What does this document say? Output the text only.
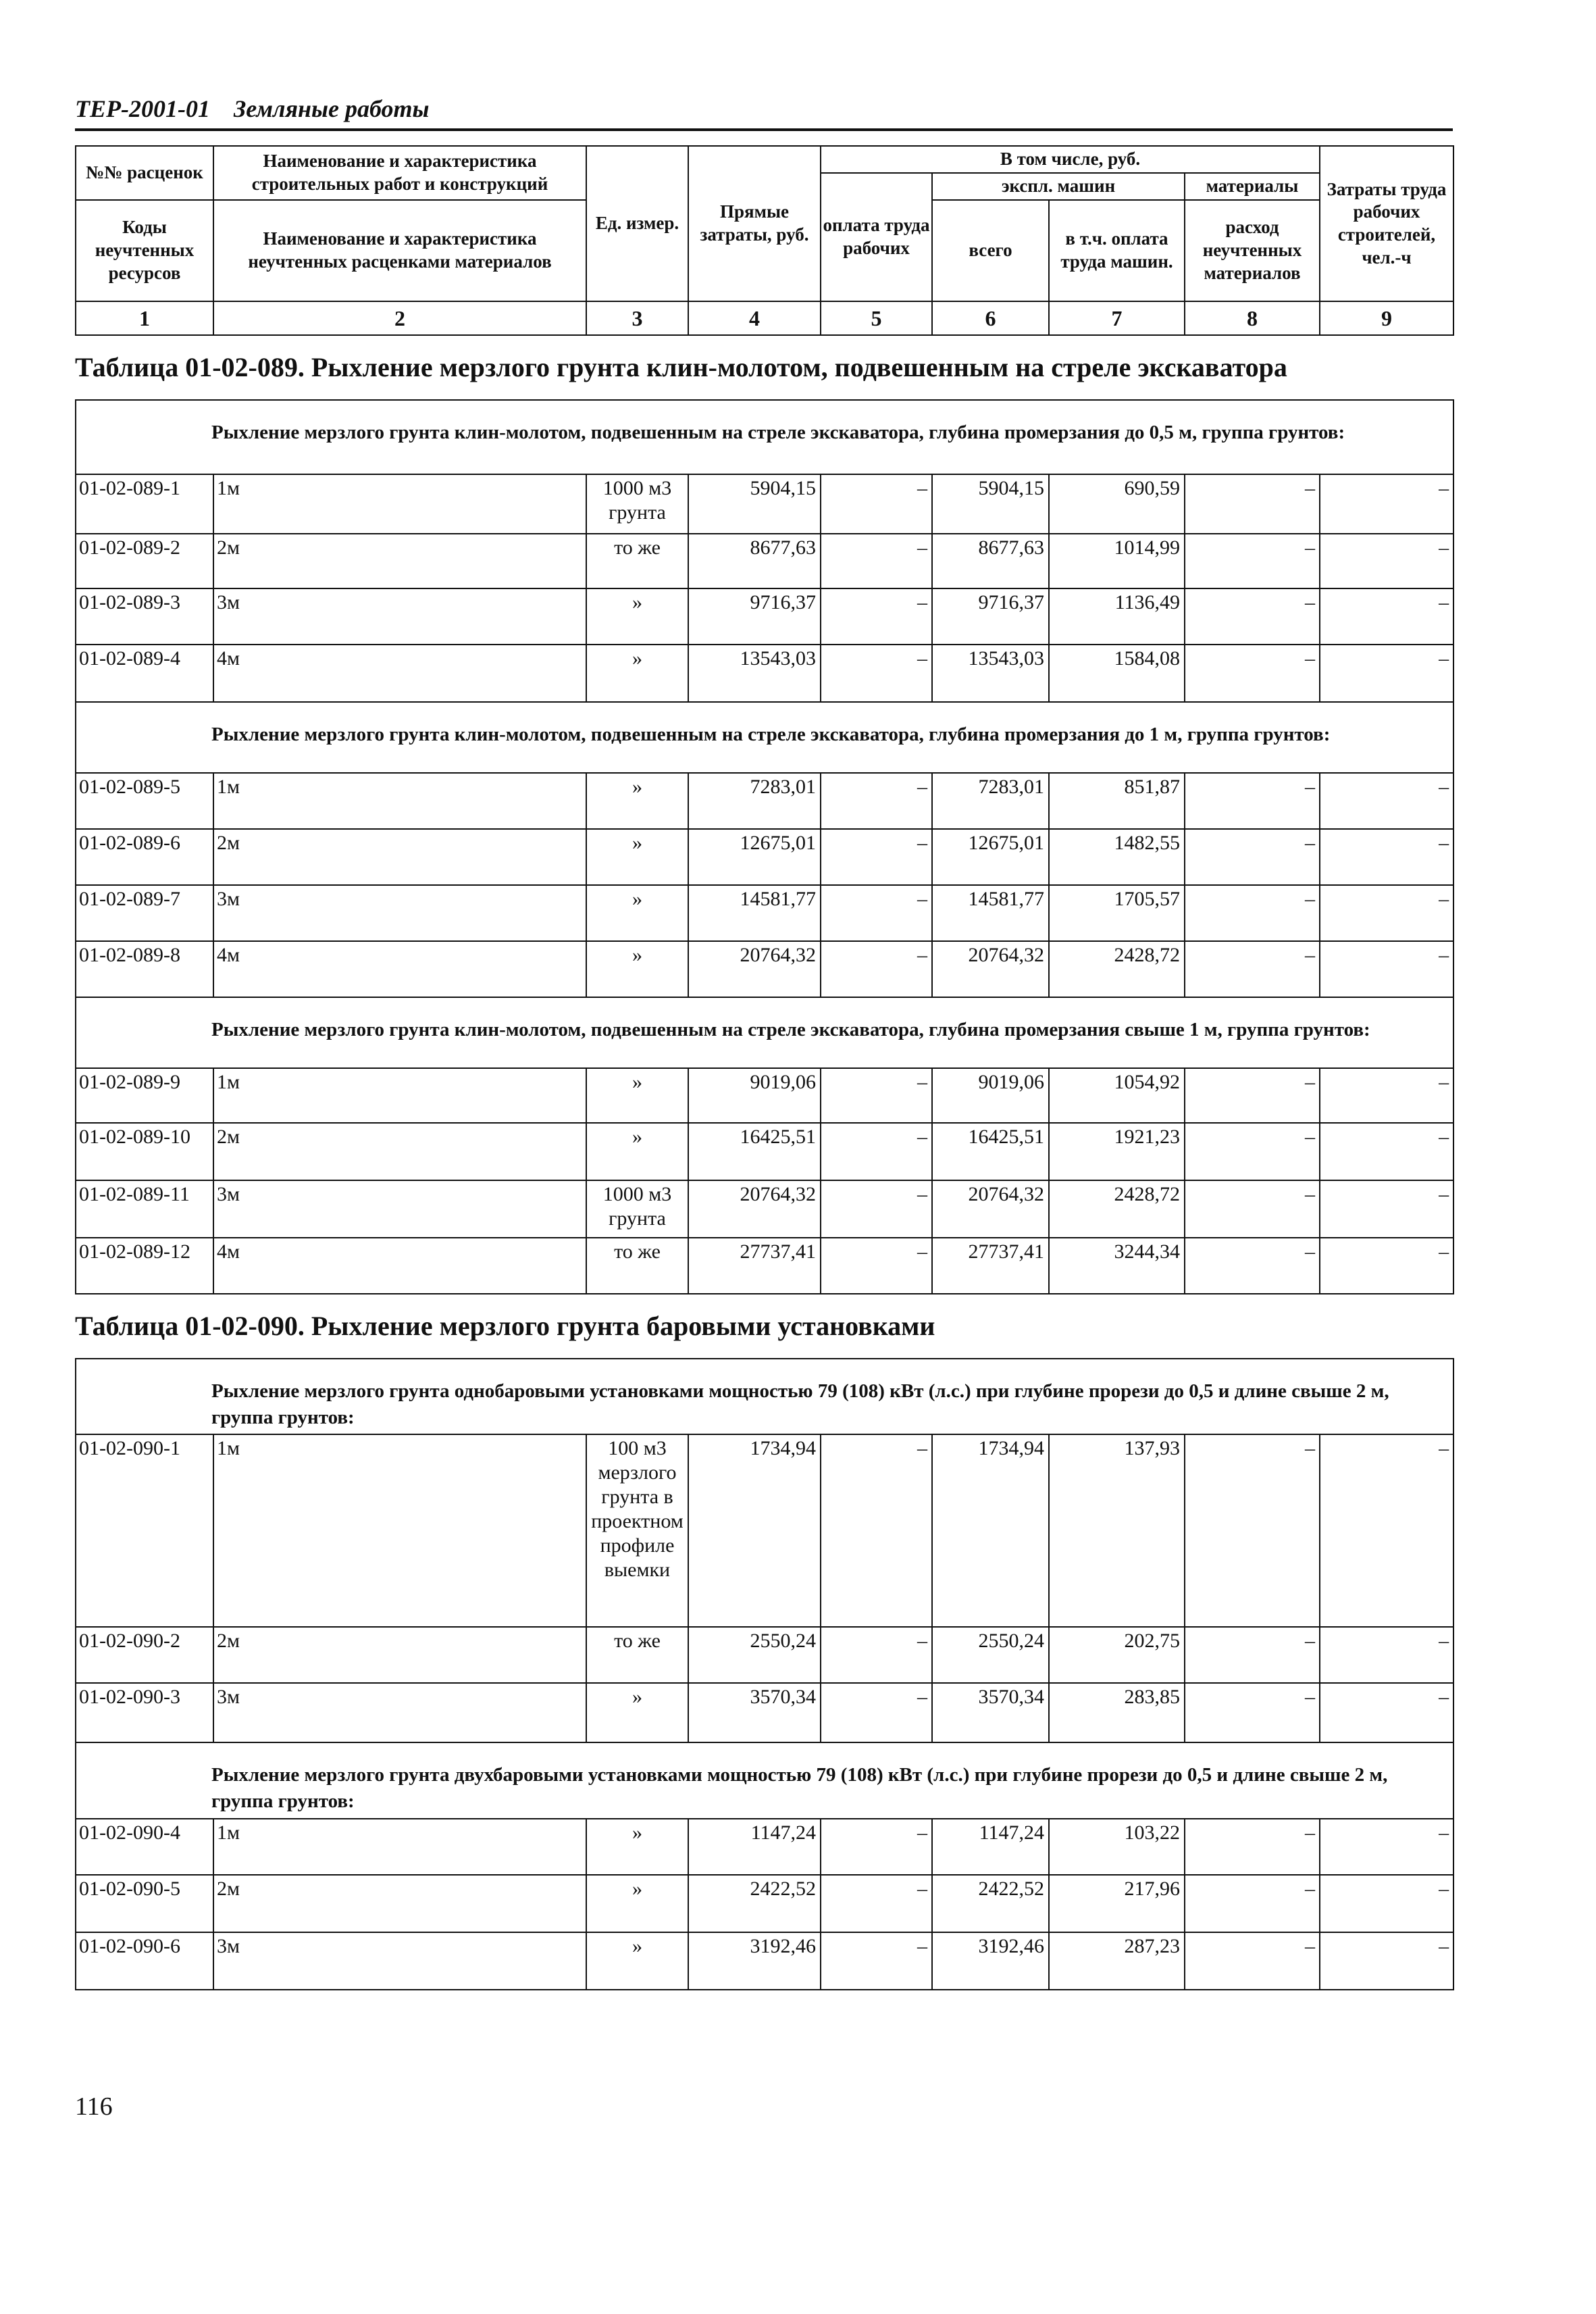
ТЕР-2001-01 Земляные работы
№№ расценок	Наименование и характеристика строительных работ и конструкций	Ед. измер.	Прямые затраты, руб.	В том числе, руб.				Затраты труда рабочих строителей, чел.-ч
				оплата труда рабочих	экспл. машин		материалы	
Коды неучтенных ресурсов	Наименование и характеристика неучтенных расценками материалов				всего	в т.ч. оплата труда машин.	расход неучтенных материалов	
1	2	3	4	5	6	7	8	9
Таблица 01-02-089. Рыхление мерзлого грунта клин-молотом, подвешенным на стреле экскаватора
Рыхление мерзлого грунта клин-молотом, подвешенным на стреле экскаватора, глубина промерзания до 0,5 м, группа грунтов:								
01-02-089-1	1м	1000 м3 грунта	5904,15	–	5904,15	690,59	–	–
01-02-089-2	2м	то же	8677,63	–	8677,63	1014,99	–	–
01-02-089-3	3м	»	9716,37	–	9716,37	1136,49	–	–
01-02-089-4	4м	»	13543,03	–	13543,03	1584,08	–	–
Рыхление мерзлого грунта клин-молотом, подвешенным на стреле экскаватора, глубина промерзания до 1 м, группа грунтов:								
01-02-089-5	1м	»	7283,01	–	7283,01	851,87	–	–
01-02-089-6	2м	»	12675,01	–	12675,01	1482,55	–	–
01-02-089-7	3м	»	14581,77	–	14581,77	1705,57	–	–
01-02-089-8	4м	»	20764,32	–	20764,32	2428,72	–	–
Рыхление мерзлого грунта клин-молотом, подвешенным на стреле экскаватора, глубина промерзания свыше 1 м, группа грунтов:								
01-02-089-9	1м	»	9019,06	–	9019,06	1054,92	–	–
01-02-089-10	2м	»	16425,51	–	16425,51	1921,23	–	–
01-02-089-11	3м	1000 м3 грунта	20764,32	–	20764,32	2428,72	–	–
01-02-089-12	4м	то же	27737,41	–	27737,41	3244,34	–	–
Таблица 01-02-090. Рыхление мерзлого грунта баровыми установками
Рыхление мерзлого грунта однобаровыми установками мощностью 79 (108) кВт (л.с.) при глубине прорези до 0,5 и длине свыше 2 м, группа грунтов:								
01-02-090-1	1м	100 м3 мерзлого грунта в проектном профиле выемки	1734,94	–	1734,94	137,93	–	–
01-02-090-2	2м	то же	2550,24	–	2550,24	202,75	–	–
01-02-090-3	3м	»	3570,34	–	3570,34	283,85	–	–
Рыхление мерзлого грунта двухбаровыми установками мощностью 79 (108) кВт (л.с.) при глубине прорези до 0,5 и длине свыше 2 м, группа грунтов:								
01-02-090-4	1м	»	1147,24	–	1147,24	103,22	–	–
01-02-090-5	2м	»	2422,52	–	2422,52	217,96	–	–
01-02-090-6	3м	»	3192,46	–	3192,46	287,23	–	–
116
